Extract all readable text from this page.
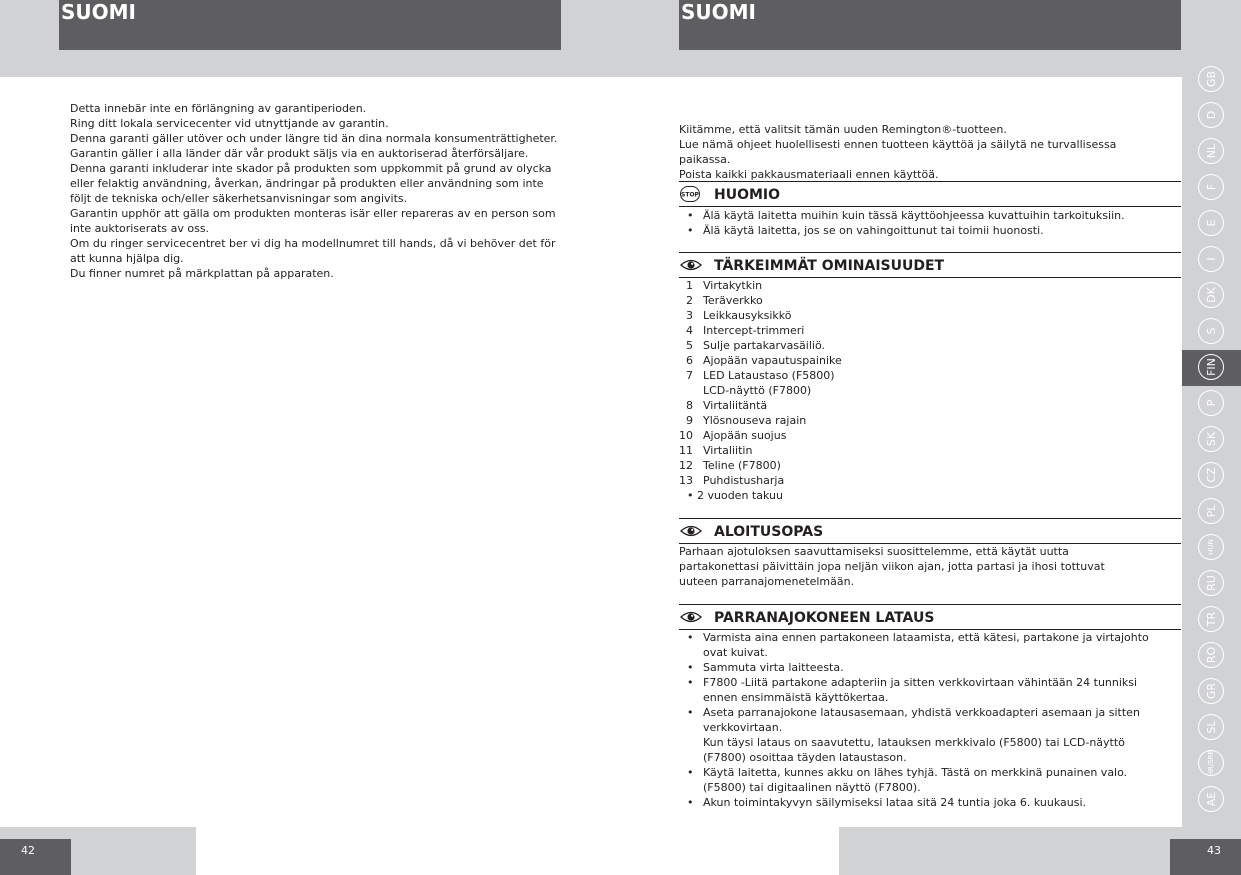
SUOMI	SUOMI

Detta innebär inte en förlängning av garantiperioden.

Ring ditt lokala servicecenter vid utnyttjande av garantin.

Denna garanti gäller utöver och under längre tid än dina normala konsumenträttigheter.

Garantin gäller i alla länder där vår produkt säljs via en auktoriserad återförsäljare.

Denna garanti inkluderar inte skador på produkten som uppkommit på grund av olycka eller felaktig användning, åverkan, ändringar på produkten eller användning som inte följt de tekniska och/eller säkerhetsanvisningar som angivits.

Garantin upphör att gälla om produkten monteras isär eller repareras av en person som inte auktoriserats av oss.

Om du ringer servicecentret ber vi dig ha modellnumret till hands, då vi behöver det för att kunna hjälpa dig.

Du finner numret på märkplattan på apparaten.

Kiitämme, että valitsit tämän uuden Remington®-tuotteen.

Lue nämä ohjeet huolellisesti ennen tuotteen käyttöä ja säilytä ne turvallisessa paikassa.

Poista kaikki pakkausmateriaali ennen käyttöä.

STOP HUOMIO
• Älä käytä laitetta muihin kuin tässä käyttöohjeessa kuvattuihin tarkoituksiin.
• Älä käytä laitetta, jos se on vahingoittunut tai toimii huonosti.
TÄRKEIMMÄT OMINAISUUDET
1 Virtakytkin
2 Teräverkko
3 Leikkausyksikkö
4 Intercept-trimmeri
5 Sulje partakarvasäiliö.
6 Ajopään vapautuspainike
7 LED Lataustaso (F5800)
LCD-näyttö (F7800)
8 Virtaliitäntä
9 Ylösnouseva rajain
10 Ajopään suojus
11 Virtaliitin
12 Teline (F7800)
13 Puhdistusharja
• 2 vuoden takuu
ALOITUSOPAS

Parhaan ajotuloksen saavuttamiseksi suosittelemme, että käytät uutta partakonettasi päivittäin jopa neljän viikon ajan, jotta partasi ja ihosi tottuvat uuteen parranajomenetelmään.

PARRANAJOKONEEN LATAUS
• Varmista aina ennen partakoneen lataamista, että kätesi, partakone ja virtajohto ovat kuivat.
• Sammuta virta laitteesta.
• F7800 -Liitä partakone adapteriin ja sitten verkkovirtaan vähintään 24 tunniksi ennen ensimmäistä käyttökertaa.
• Aseta parranajokone latausasemaan, yhdistä verkkoadapteri asemaan ja sitten verkkovirtaan.
Kun täysi lataus on saavutettu, latauksen merkkivalo (F5800) tai LCD-näyttö (F7800) osoittaa täyden lataustason.
• Käytä laitetta, kunnes akku on lähes tyhjä. Tästä on merkkinä punainen valo. (F5800) tai digitaalinen näyttö (F7800).
• Akun toimintakyvyn säilymiseksi lataa sitä 24 tuntia joka 6. kuukausi.
GB
D
NL
F
E
I
DK
S
FIN
P
SK
CZ
PL
HUN
RU
TR
RO
GR
SL
HR/SRB
AE
42	43
